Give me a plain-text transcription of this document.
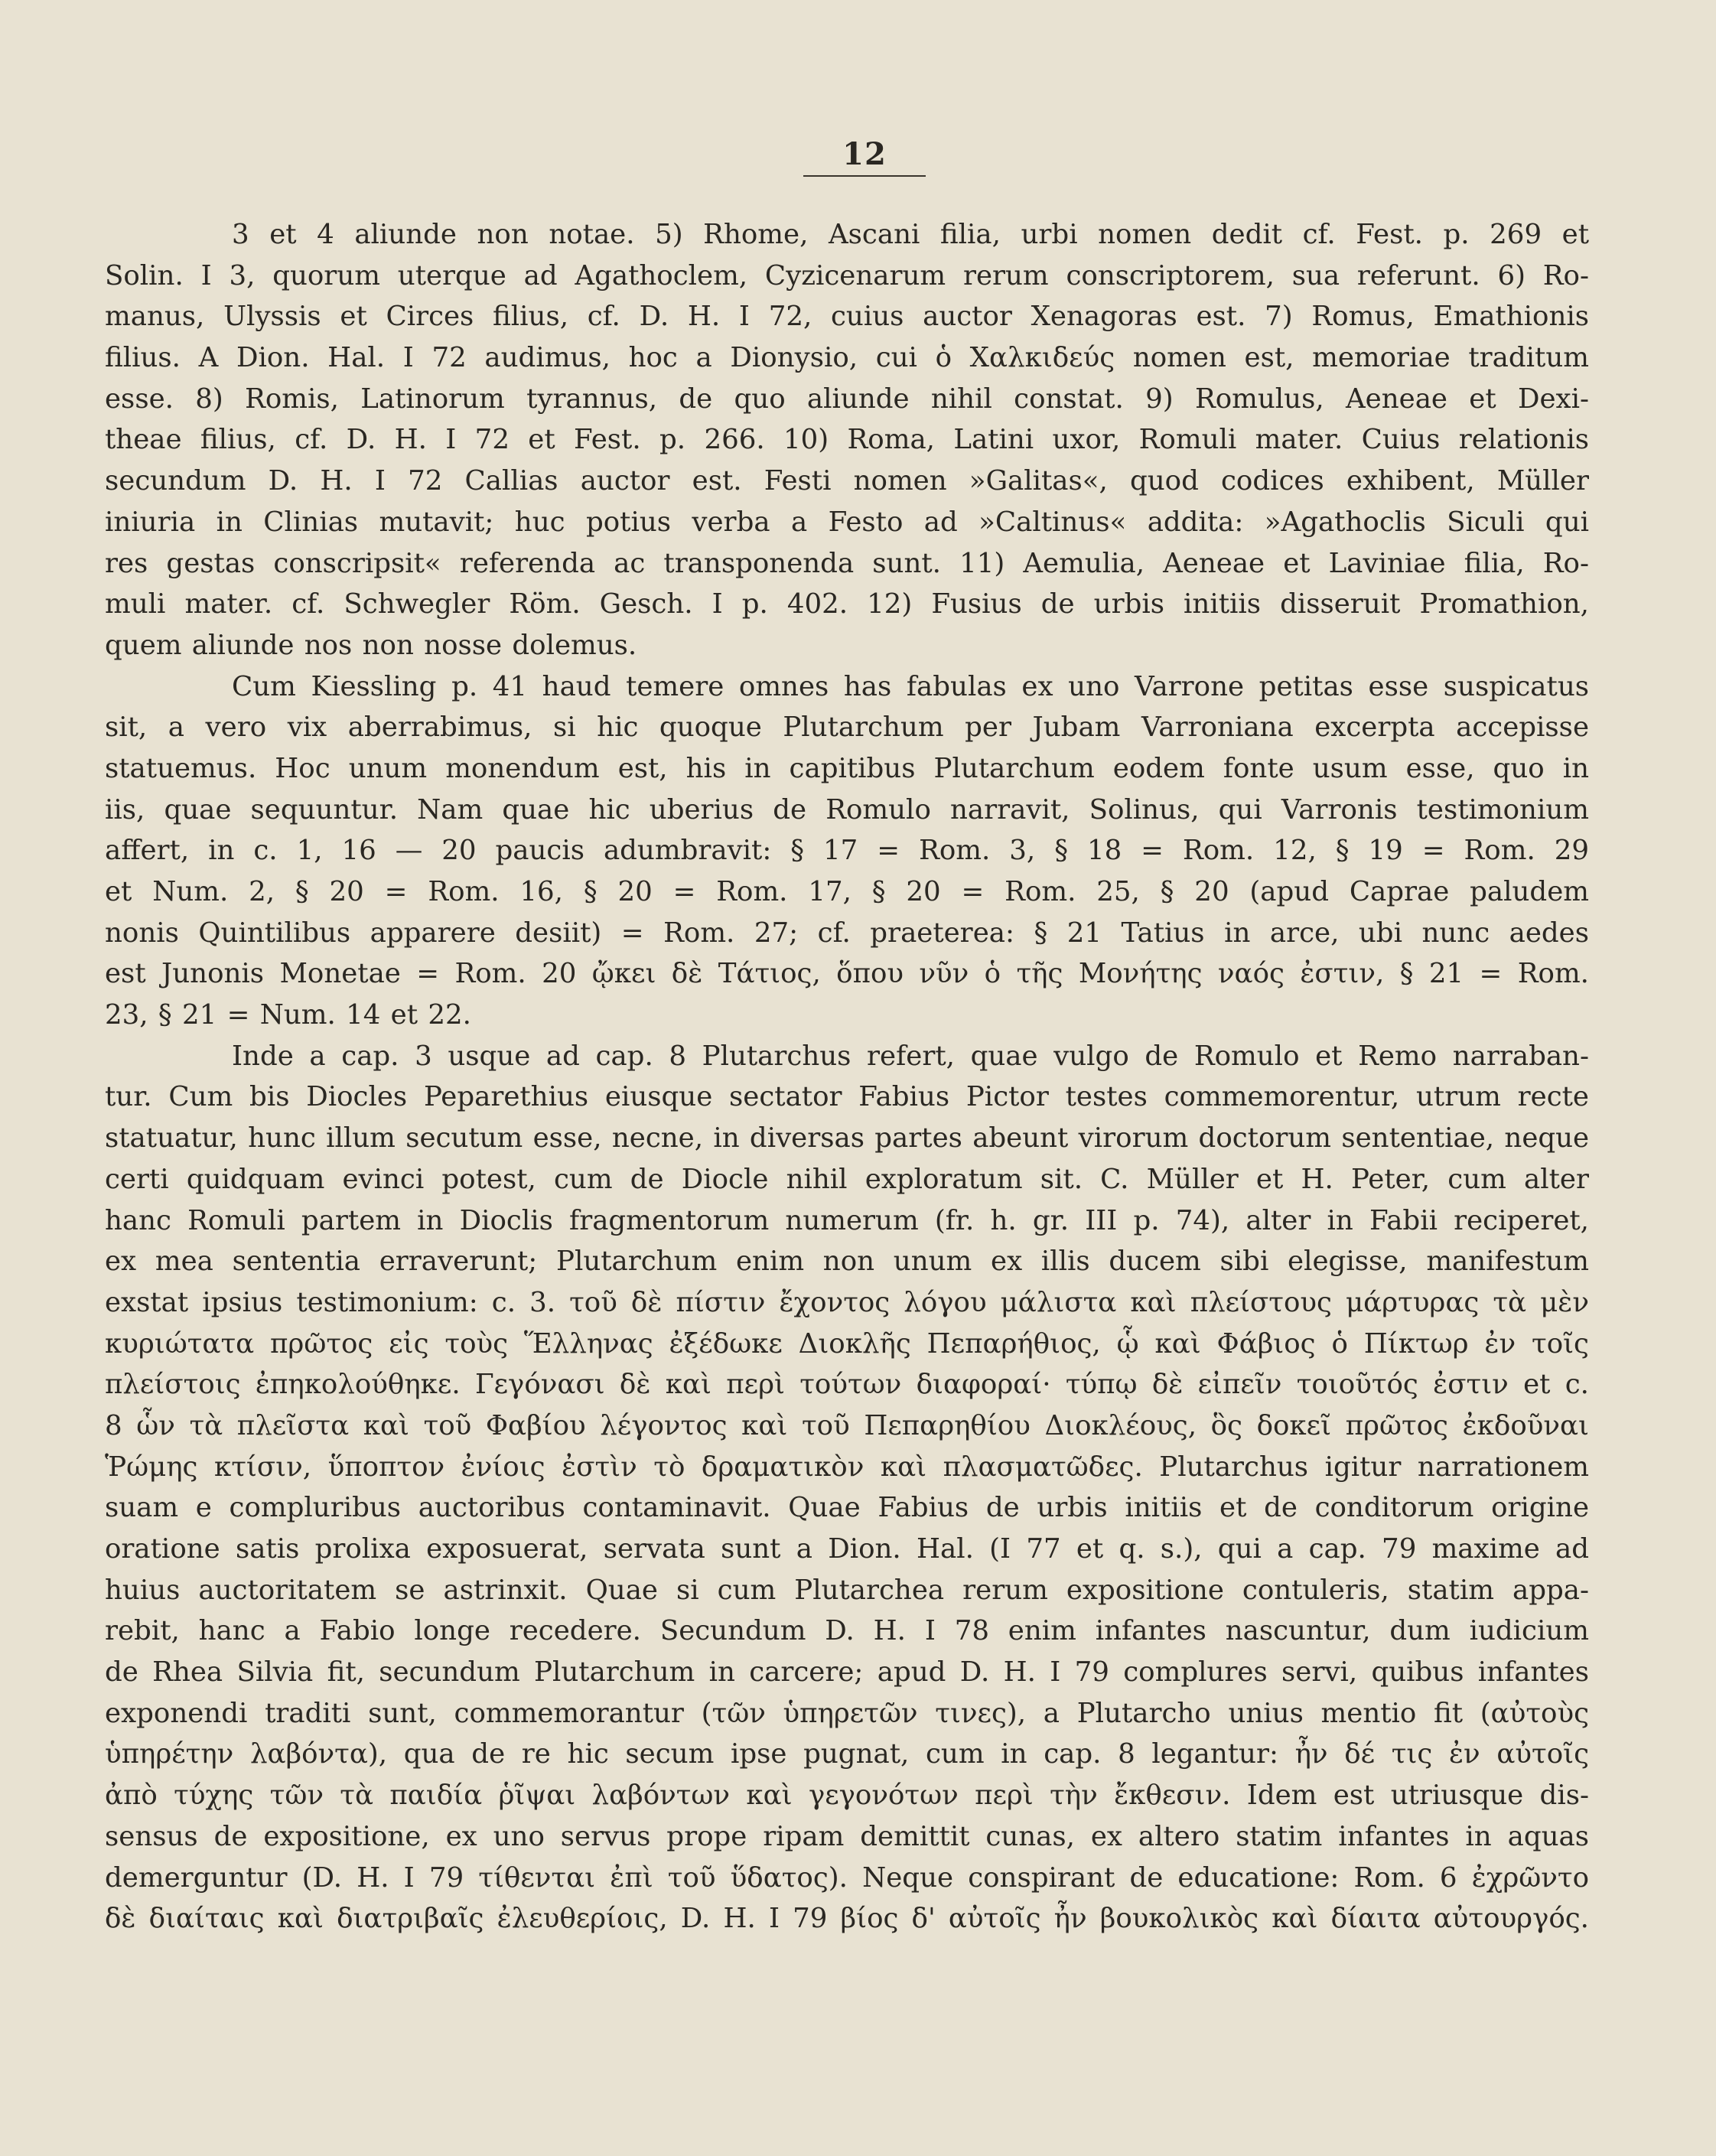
12
3 et 4 aliunde non notae. 5) Rhome, Ascani filia, urbi nomen dedit cf. Fest. p. 269 et
Solin. I 3, quorum uterque ad Agathoclem, Cyzicenarum rerum conscriptorem, sua referunt. 6) Ro-
manus, Ulyssis et Circes filius, cf. D. H. I 72, cuius auctor Xenagoras est. 7) Romus, Emathionis
filius. A Dion. Hal. I 72 audimus, hoc a Dionysio, cui ὁ Χαλκιδεύς nomen est, memoriae traditum
esse. 8) Romis, Latinorum tyrannus, de quo aliunde nihil constat. 9) Romulus, Aeneae et Dexi-
theae filius, cf. D. H. I 72 et Fest. p. 266. 10) Roma, Latini uxor, Romuli mater. Cuius relationis
secundum D. H. I 72 Callias auctor est. Festi nomen »Galitas«, quod codices exhibent, Müller
iniuria in Clinias mutavit; huc potius verba a Festo ad »Caltinus« addita: »Agathoclis Siculi qui
res gestas conscripsit« referenda ac transponenda sunt. 11) Aemulia, Aeneae et Laviniae filia, Ro-
muli mater. cf. Schwegler Röm. Gesch. I p. 402. 12) Fusius de urbis initiis disseruit Promathion,
quem aliunde nos non nosse dolemus.
Cum Kiessling p. 41 haud temere omnes has fabulas ex uno Varrone petitas esse suspicatus
sit, a vero vix aberrabimus, si hic quoque Plutarchum per Jubam Varroniana excerpta accepisse
statuemus. Hoc unum monendum est, his in capitibus Plutarchum eodem fonte usum esse, quo in
iis, quae sequuntur. Nam quae hic uberius de Romulo narravit, Solinus, qui Varronis testimonium
affert, in c. 1, 16 — 20 paucis adumbravit: § 17 = Rom. 3, § 18 = Rom. 12, § 19 = Rom. 29
et Num. 2, § 20 = Rom. 16, § 20 = Rom. 17, § 20 = Rom. 25, § 20 (apud Caprae paludem
nonis Quintilibus apparere desiit) = Rom. 27; cf. praeterea: § 21 Tatius in arce, ubi nunc aedes
est Junonis Monetae = Rom. 20 ᾤκει δὲ Τάτιος, ὅπου νῦν ὁ τῆς Μονήτης ναός ἐστιν, § 21 = Rom.
23, § 21 = Num. 14 et 22.
Inde a cap. 3 usque ad cap. 8 Plutarchus refert, quae vulgo de Romulo et Remo narraban-
tur. Cum bis Diocles Peparethius eiusque sectator Fabius Pictor testes commemorentur, utrum recte
statuatur, hunc illum secutum esse, necne, in diversas partes abeunt virorum doctorum sententiae, neque
certi quidquam evinci potest, cum de Diocle nihil exploratum sit. C. Müller et H. Peter, cum alter
hanc Romuli partem in Dioclis fragmentorum numerum (fr. h. gr. III p. 74), alter in Fabii reciperet,
ex mea sententia erraverunt; Plutarchum enim non unum ex illis ducem sibi elegisse, manifestum
exstat ipsius testimonium: c. 3. τοῦ δὲ πίστιν ἔχοντος λόγου μάλιστα καὶ πλείστους μάρτυρας τὰ μὲν
κυριώτατα πρῶτος εἰς τοὺς Ἕλληνας ἐξέδωκε Διοκλῆς Πεπαρήθιος, ᾧ καὶ Φάβιος ὁ Πίκτωρ ἐν τοῖς
πλείστοις ἐπηκολούθηκε. Γεγόνασι δὲ καὶ περὶ τούτων διαφοραί· τύπῳ δὲ εἰπεῖν τοιοῦτός ἐστιν et c.
8 ὧν τὰ πλεῖστα καὶ τοῦ Φαβίου λέγοντος καὶ τοῦ Πεπαρηθίου Διοκλέους, ὃς δοκεῖ πρῶτος ἐκδοῦναι
Ῥώμης κτίσιν, ὕποπτον ἐνίοις ἐστὶν τὸ δραματικὸν καὶ πλασματῶδες. Plutarchus igitur narrationem
suam e compluribus auctoribus contaminavit. Quae Fabius de urbis initiis et de conditorum origine
oratione satis prolixa exposuerat, servata sunt a Dion. Hal. (I 77 et q. s.), qui a cap. 79 maxime ad
huius auctoritatem se astrinxit. Quae si cum Plutarchea rerum expositione contuleris, statim appa-
rebit, hanc a Fabio longe recedere. Secundum D. H. I 78 enim infantes nascuntur, dum iudicium
de Rhea Silvia fit, secundum Plutarchum in carcere; apud D. H. I 79 complures servi, quibus infantes
exponendi traditi sunt, commemorantur (τῶν ὑπηρετῶν τινες), a Plutarcho unius mentio fit (αὐτοὺς
ὑπηρέτην λαβόντα), qua de re hic secum ipse pugnat, cum in cap. 8 legantur: ἦν δέ τις ἐν αὐτοῖς
ἀπὸ τύχης τῶν τὰ παιδία ῥῖψαι λαβόντων καὶ γεγονότων περὶ τὴν ἔκθεσιν. Idem est utriusque dis-
sensus de expositione, ex uno servus prope ripam demittit cunas, ex altero statim infantes in aquas
demerguntur (D. H. I 79 τίθενται ἐπὶ τοῦ ὕδατος). Neque conspirant de educatione: Rom. 6 ἐχρῶντο
δὲ διαίταις καὶ διατριβαῖς ἐλευθερίοις, D. H. I 79 βίος δ' αὐτοῖς ἦν βουκολικὸς καὶ δίαιτα αὐτουργός.
